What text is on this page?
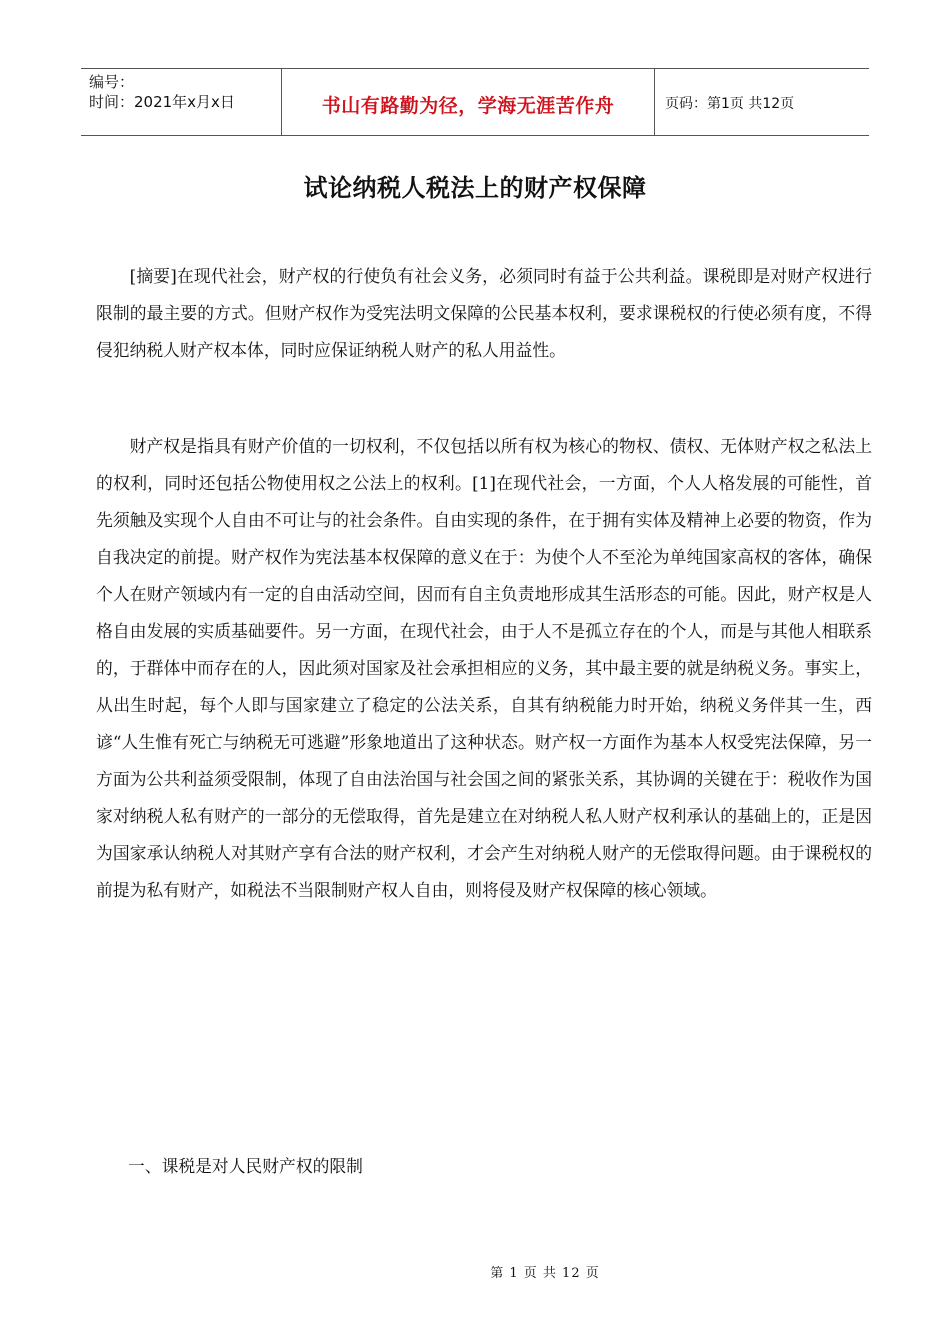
编号：
时间：2021年x月x日	书山有路勤为径，学海无涯苦作舟	页码：第1页 共12页
试论纳税人税法上的财产权保障
[摘要]在现代社会，财产权的行使负有社会义务，必须同时有益于公共利益。课税即是对财产权进行限制的最主要的方式。但财产权作为受宪法明文保障的公民基本权利，要求课税权的行使必须有度，不得侵犯纳税人财产权本体，同时应保证纳税人财产的私人用益性。
财产权是指具有财产价值的一切权利，不仅包括以所有权为核心的物权、债权、无体财产权之私法上的权利，同时还包括公物使用权之公法上的权利。[1]在现代社会，一方面，个人人格发展的可能性，首先须触及实现个人自由不可让与的社会条件。自由实现的条件，在于拥有实体及精神上必要的物资，作为自我决定的前提。财产权作为宪法基本权保障的意义在于：为使个人不至沦为单纯国家高权的客体，确保个人在财产领域内有一定的自由活动空间，因而有自主负责地形成其生活形态的可能。因此，财产权是人格自由发展的实质基础要件。另一方面，在现代社会，由于人不是孤立存在的个人，而是与其他人相联系的，于群体中而存在的人，因此须对国家及社会承担相应的义务，其中最主要的就是纳税义务。事实上，从出生时起，每个人即与国家建立了稳定的公法关系，自其有纳税能力时开始，纳税义务伴其一生，西谚“人生惟有死亡与纳税无可逃避”形象地道出了这种状态。财产权一方面作为基本人权受宪法保障，另一方面为公共利益须受限制，体现了自由法治国与社会国之间的紧张关系，其协调的关键在于：税收作为国家对纳税人私有财产的一部分的无偿取得，首先是建立在对纳税人私人财产权利承认的基础上的，正是因为国家承认纳税人对其财产享有合法的财产权利，才会产生对纳税人财产的无偿取得问题。由于课税权的前提为私有财产，如税法不当限制财产权人自由，则将侵及财产权保障的核心领域。
一、课税是对人民财产权的限制
第 1 页 共 12 页
